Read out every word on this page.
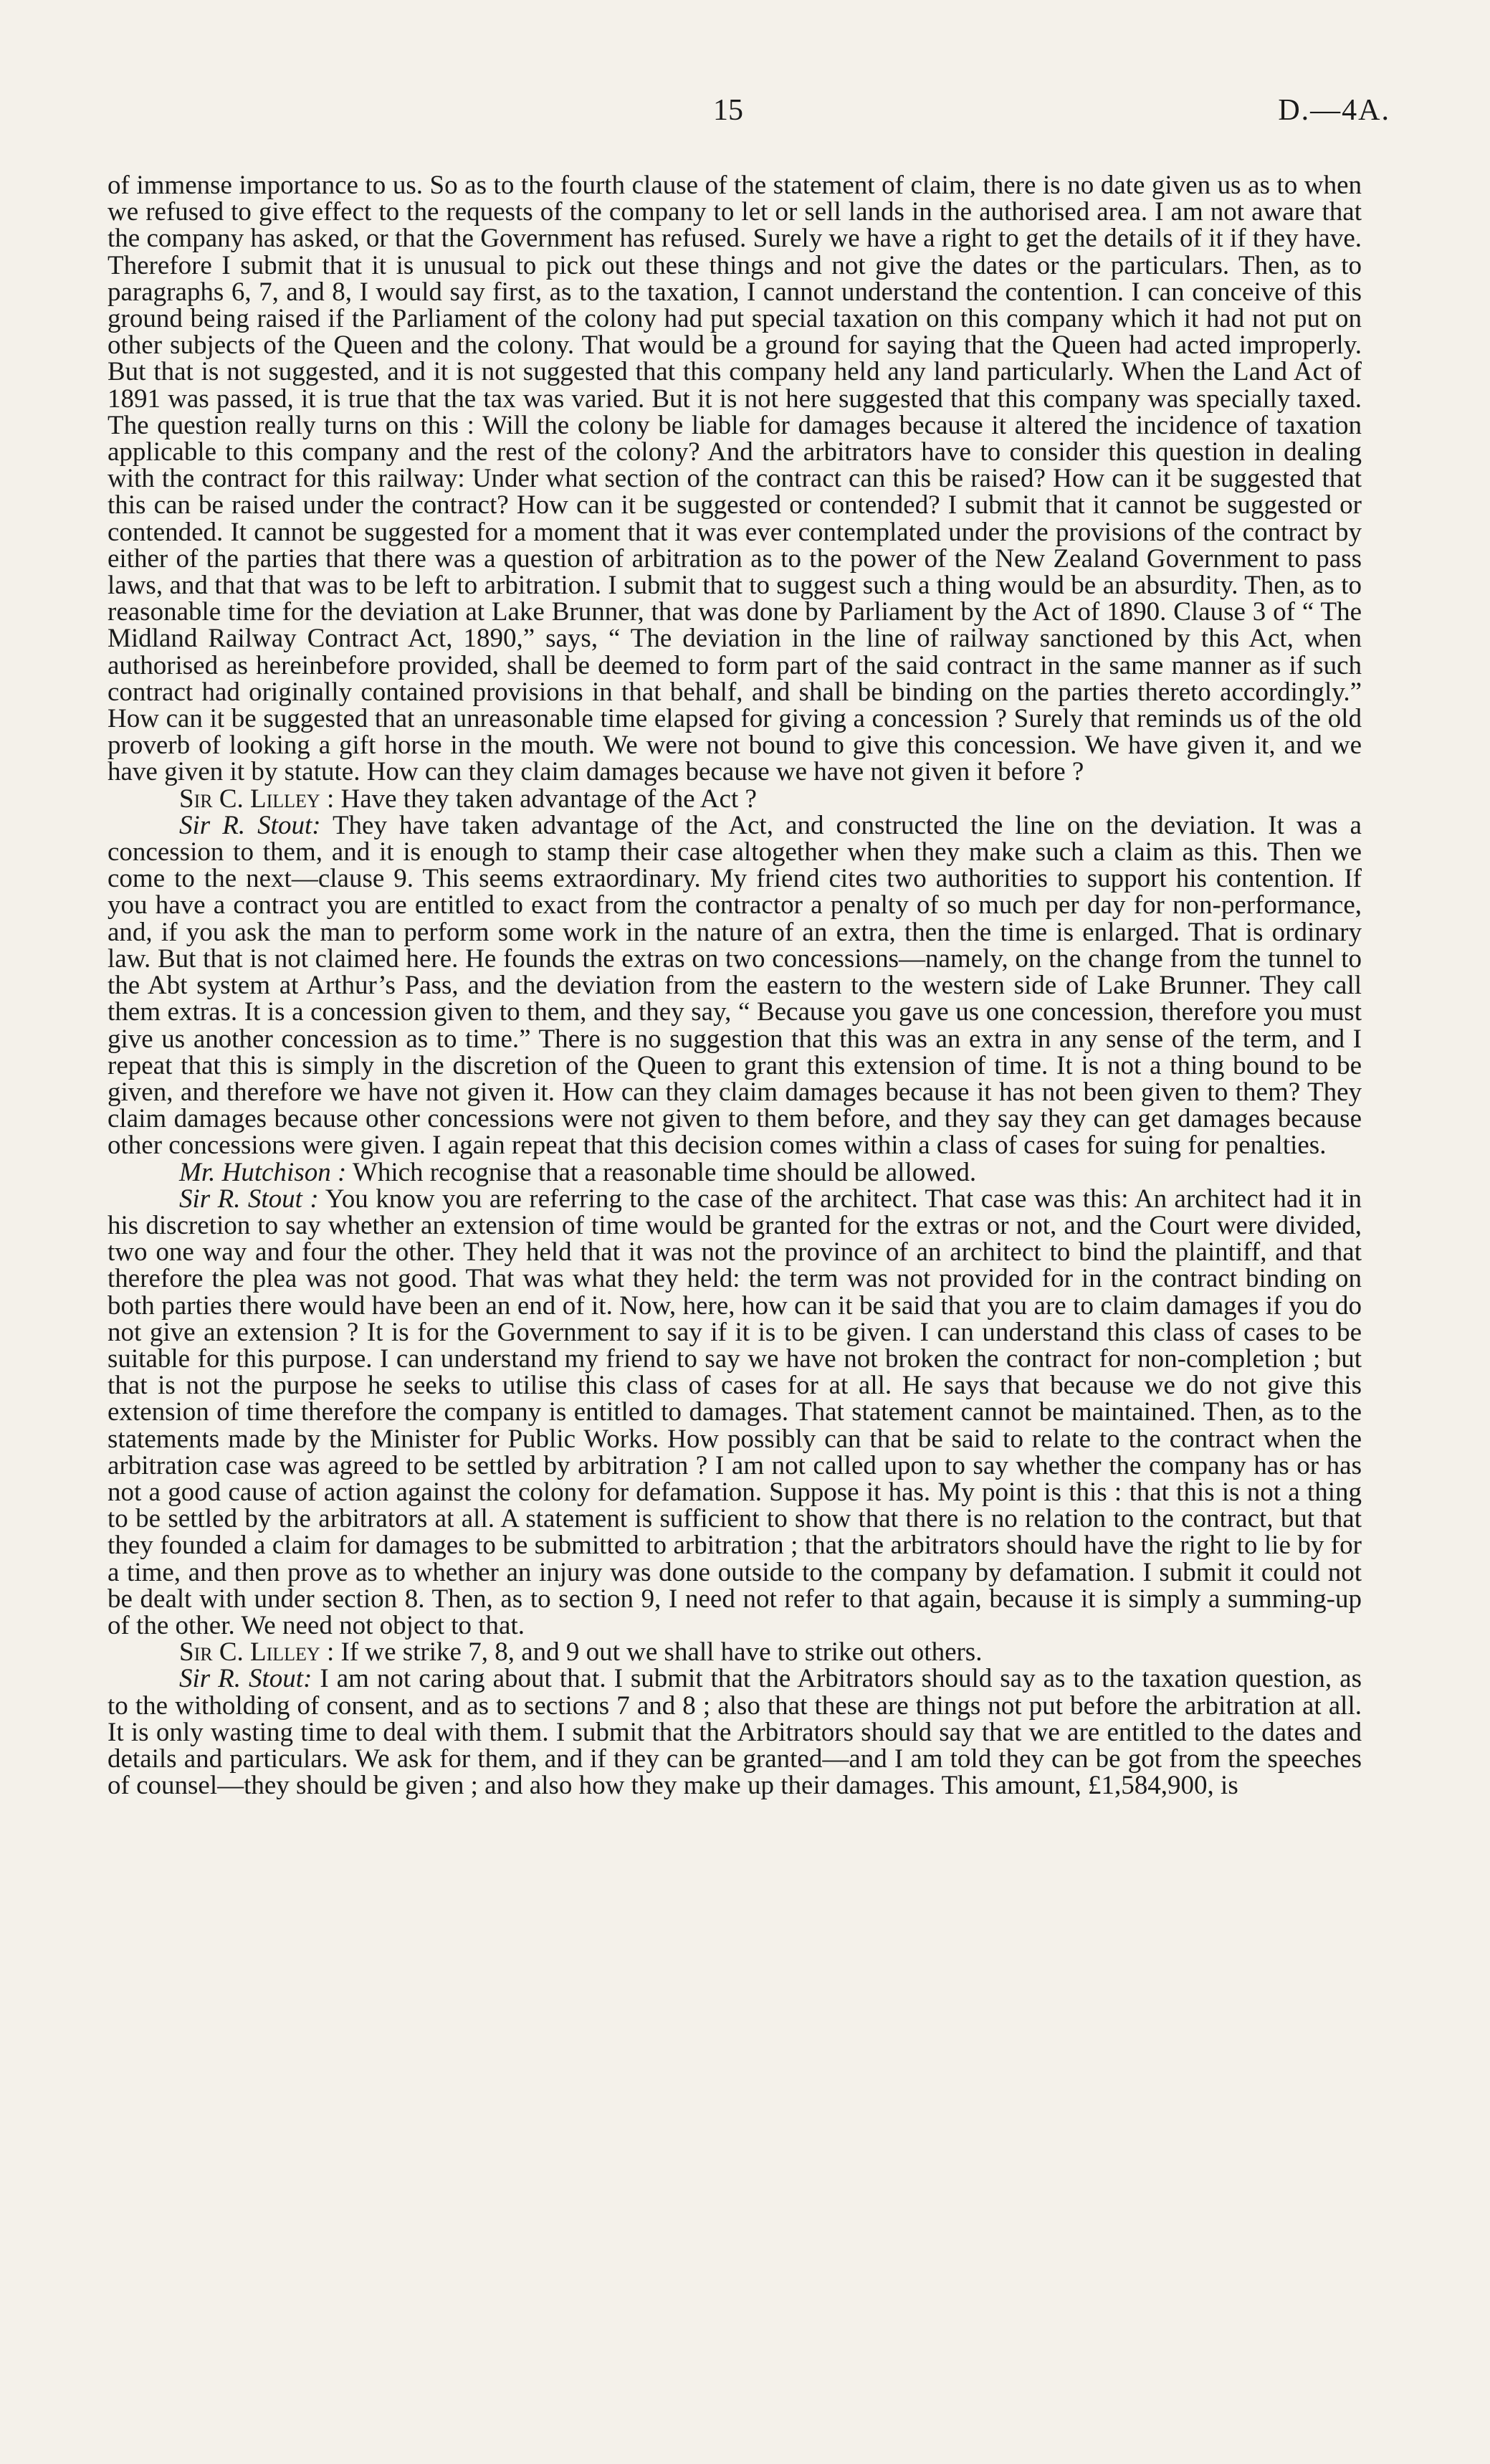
15	D.—4A.

of immense importance to us. So as to the fourth clause of the statement of claim, there is no date given us as to when we refused to give effect to the requests of the company to let or sell lands in the authorised area. I am not aware that the company has asked, or that the Government has refused. Surely we have a right to get the details of it if they have. Therefore I submit that it is unusual to pick out these things and not give the dates or the particulars. Then, as to paragraphs 6, 7, and 8, I would say first, as to the taxation, I cannot understand the contention. I can conceive of this ground being raised if the Parliament of the colony had put special taxation on this company which it had not put on other subjects of the Queen and the colony. That would be a ground for saying that the Queen had acted improperly. But that is not suggested, and it is not suggested that this company held any land particularly. When the Land Act of 1891 was passed, it is true that the tax was varied. But it is not here suggested that this company was specially taxed. The question really turns on this : Will the colony be liable for damages because it altered the incidence of taxation applicable to this company and the rest of the colony? And the arbitrators have to consider this question in dealing with the contract for this railway: Under what section of the contract can this be raised? How can it be suggested that this can be raised under the contract? How can it be suggested or contended? I submit that it cannot be suggested or contended. It cannot be suggested for a moment that it was ever contemplated under the provisions of the contract by either of the parties that there was a question of arbitration as to the power of the New Zealand Government to pass laws, and that that was to be left to arbitration. I submit that to suggest such a thing would be an absurdity. Then, as to reasonable time for the deviation at Lake Brunner, that was done by Parliament by the Act of 1890. Clause 3 of “ The Midland Railway Contract Act, 1890,” says, “ The deviation in the line of railway sanctioned by this Act, when authorised as hereinbefore provided, shall be deemed to form part of the said contract in the same manner as if such contract had originally contained provisions in that behalf, and shall be binding on the parties thereto accordingly.” How can it be suggested that an unreasonable time elapsed for giving a concession ? Surely that reminds us of the old proverb of looking a gift horse in the mouth. We were not bound to give this concession. We have given it, and we have given it by statute. How can they claim damages because we have not given it before ?

Sir C. Lilley : Have they taken advantage of the Act ?

Sir R. Stout: They have taken advantage of the Act, and constructed the line on the deviation. It was a concession to them, and it is enough to stamp their case altogether when they make such a claim as this. Then we come to the next—clause 9. This seems extraordinary. My friend cites two authorities to support his contention. If you have a contract you are entitled to exact from the contractor a penalty of so much per day for non-performance, and, if you ask the man to perform some work in the nature of an extra, then the time is enlarged. That is ordinary law. But that is not claimed here. He founds the extras on two concessions—namely, on the change from the tunnel to the Abt system at Arthur’s Pass, and the deviation from the eastern to the western side of Lake Brunner. They call them extras. It is a concession given to them, and they say, “ Because you gave us one concession, therefore you must give us another concession as to time.” There is no suggestion that this was an extra in any sense of the term, and I repeat that this is simply in the discretion of the Queen to grant this extension of time. It is not a thing bound to be given, and therefore we have not given it. How can they claim damages because it has not been given to them? They claim damages because other concessions were not given to them before, and they say they can get damages because other concessions were given. I again repeat that this decision comes within a class of cases for suing for penalties.

Mr. Hutchison : Which recognise that a reasonable time should be allowed.

Sir R. Stout : You know you are referring to the case of the architect. That case was this: An architect had it in his discretion to say whether an extension of time would be granted for the extras or not, and the Court were divided, two one way and four the other. They held that it was not the province of an architect to bind the plaintiff, and that therefore the plea was not good. That was what they held: the term was not provided for in the contract binding on both parties there would have been an end of it. Now, here, how can it be said that you are to claim damages if you do not give an extension ? It is for the Government to say if it is to be given. I can understand this class of cases to be suitable for this purpose. I can understand my friend to say we have not broken the contract for non-completion ; but that is not the purpose he seeks to utilise this class of cases for at all. He says that because we do not give this extension of time therefore the company is entitled to damages. That statement cannot be maintained. Then, as to the statements made by the Minister for Public Works. How possibly can that be said to relate to the contract when the arbitration case was agreed to be settled by arbitration ? I am not called upon to say whether the company has or has not a good cause of action against the colony for defamation. Suppose it has. My point is this : that this is not a thing to be settled by the arbitrators at all. A statement is sufficient to show that there is no relation to the contract, but that they founded a claim for damages to be submitted to arbitration ; that the arbitrators should have the right to lie by for a time, and then prove as to whether an injury was done outside to the company by defamation. I submit it could not be dealt with under section 8. Then, as to section 9, I need not refer to that again, because it is simply a summing-up of the other. We need not object to that.

Sir C. Lilley : If we strike 7, 8, and 9 out we shall have to strike out others.

Sir R. Stout: I am not caring about that. I submit that the Arbitrators should say as to the taxation question, as to the witholding of consent, and as to sections 7 and 8 ; also that these are things not put before the arbitration at all. It is only wasting time to deal with them. I submit that the Arbitrators should say that we are entitled to the dates and details and particulars. We ask for them, and if they can be granted—and I am told they can be got from the speeches of counsel—they should be given ; and also how they make up their damages. This amount, £1,584,900, is
